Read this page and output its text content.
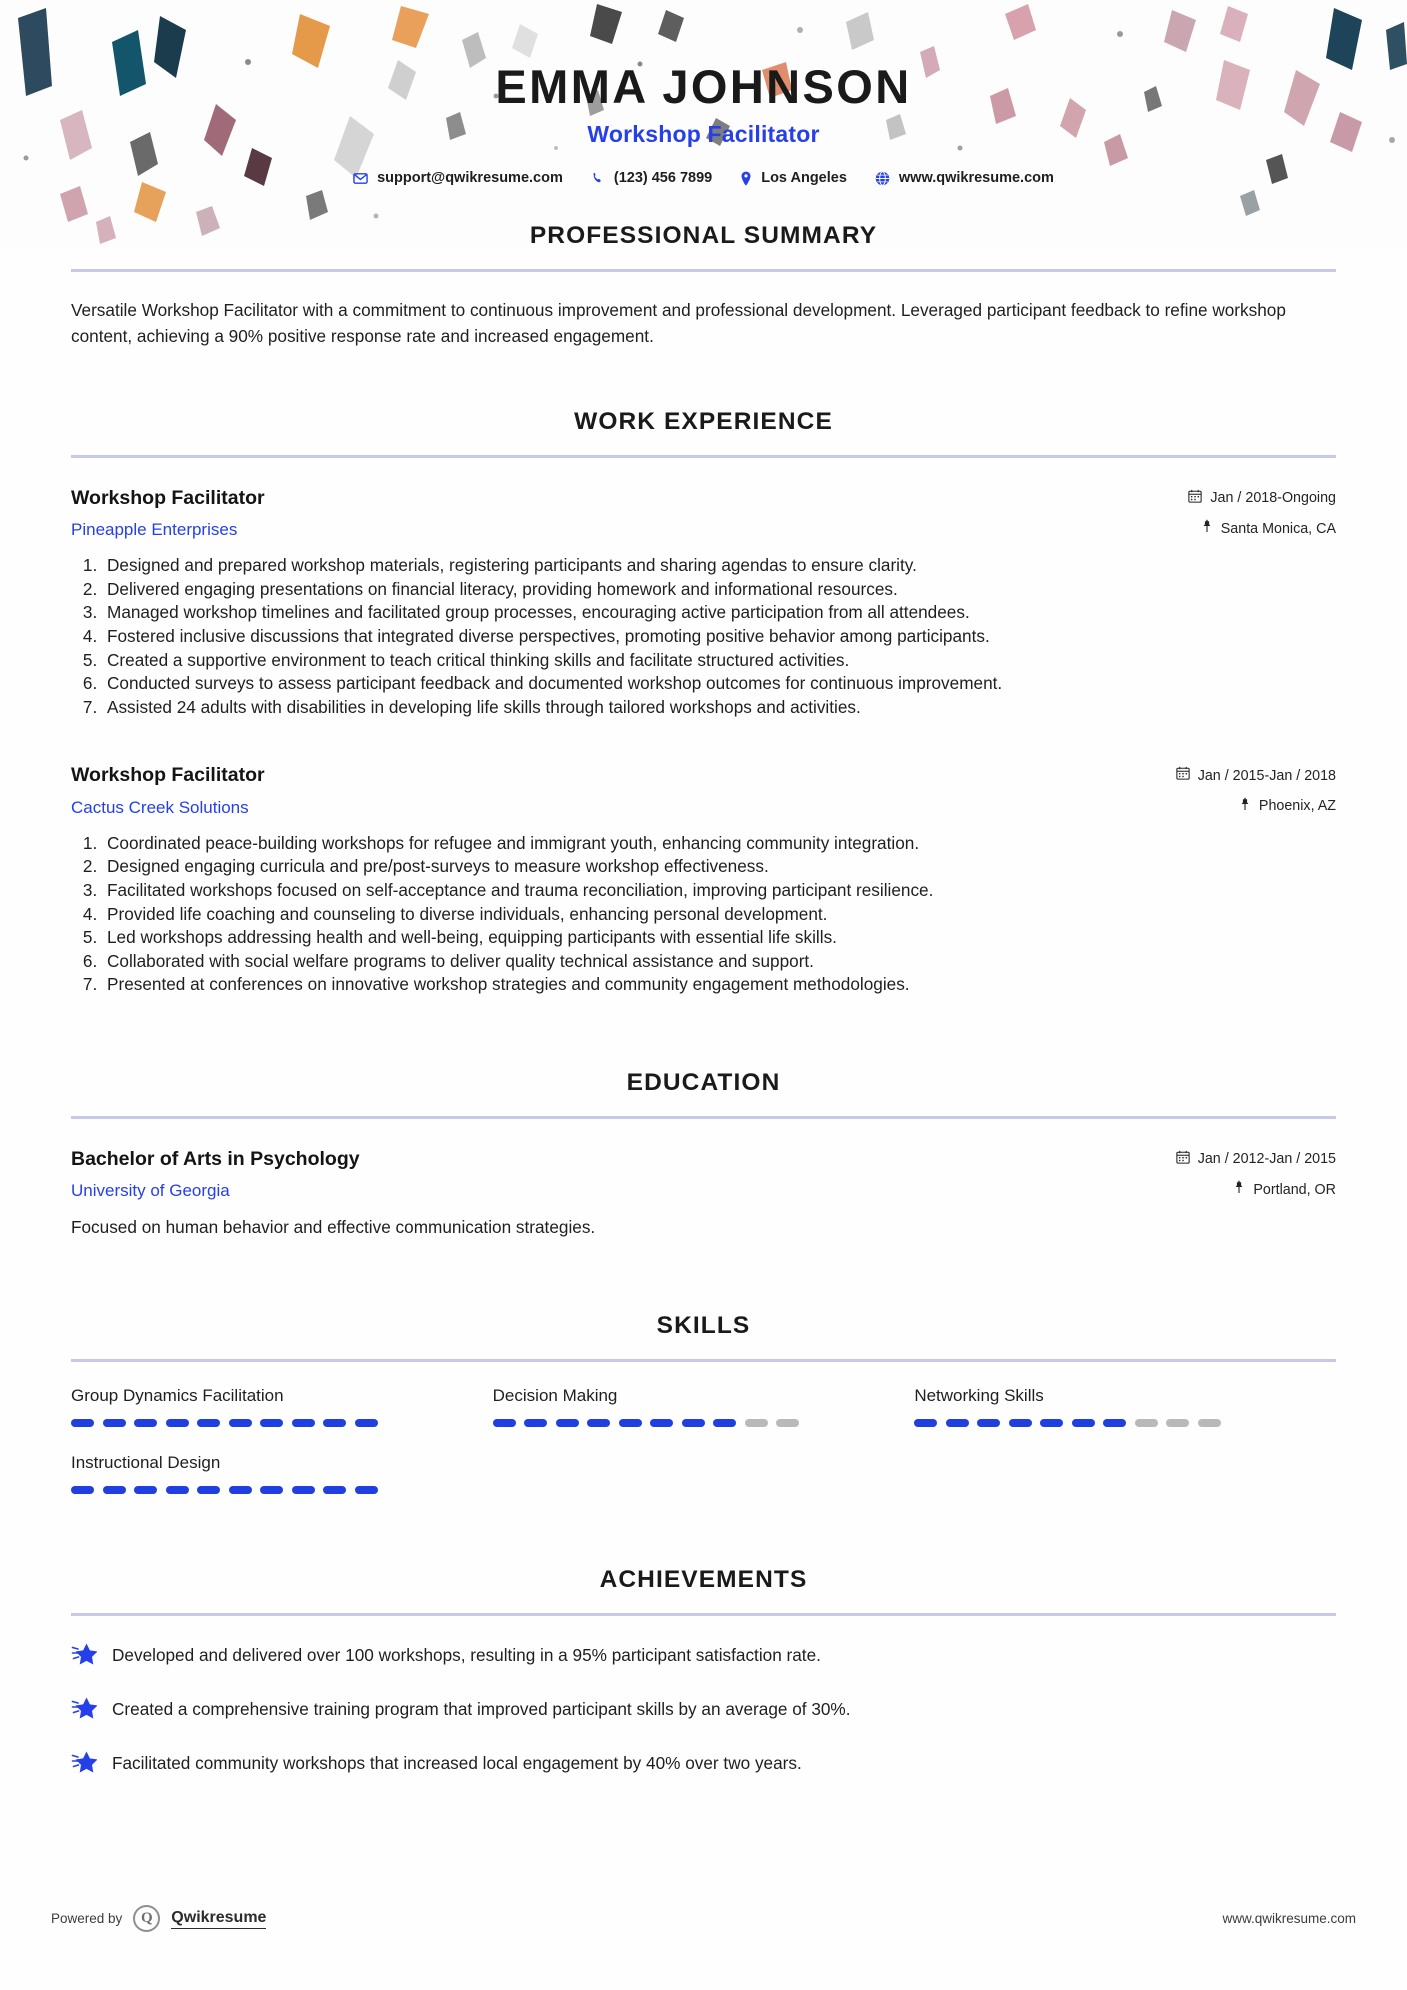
EMMA JOHNSON
Workshop Facilitator
support@qwikresume.com	(123) 456 7899	Los Angeles	www.qwikresume.com
PROFESSIONAL SUMMARY
Versatile Workshop Facilitator with a commitment to continuous improvement and professional development. Leveraged participant feedback to refine workshop content, achieving a 90% positive response rate and increased engagement.
WORK EXPERIENCE
Workshop Facilitator
Pineapple Enterprises
Jan / 2018-Ongoing
Santa Monica, CA
1. Designed and prepared workshop materials, registering participants and sharing agendas to ensure clarity.
2. Delivered engaging presentations on financial literacy, providing homework and informational resources.
3. Managed workshop timelines and facilitated group processes, encouraging active participation from all attendees.
4. Fostered inclusive discussions that integrated diverse perspectives, promoting positive behavior among participants.
5. Created a supportive environment to teach critical thinking skills and facilitate structured activities.
6. Conducted surveys to assess participant feedback and documented workshop outcomes for continuous improvement.
7. Assisted 24 adults with disabilities in developing life skills through tailored workshops and activities.
Workshop Facilitator
Cactus Creek Solutions
Jan / 2015-Jan / 2018
Phoenix, AZ
1. Coordinated peace-building workshops for refugee and immigrant youth, enhancing community integration.
2. Designed engaging curricula and pre/post-surveys to measure workshop effectiveness.
3. Facilitated workshops focused on self-acceptance and trauma reconciliation, improving participant resilience.
4. Provided life coaching and counseling to diverse individuals, enhancing personal development.
5. Led workshops addressing health and well-being, equipping participants with essential life skills.
6. Collaborated with social welfare programs to deliver quality technical assistance and support.
7. Presented at conferences on innovative workshop strategies and community engagement methodologies.
EDUCATION
Bachelor of Arts in Psychology
University of Georgia
Jan / 2012-Jan / 2015
Portland, OR
Focused on human behavior and effective communication strategies.
SKILLS
Group Dynamics Facilitation	Decision Making	Networking Skills
Instructional Design
ACHIEVEMENTS
Developed and delivered over 100 workshops, resulting in a 95% participant satisfaction rate.
Created a comprehensive training program that improved participant skills by an average of 30%.
Facilitated community workshops that increased local engagement by 40% over two years.
Powered by	Q	Qwikresume	www.qwikresume.com
